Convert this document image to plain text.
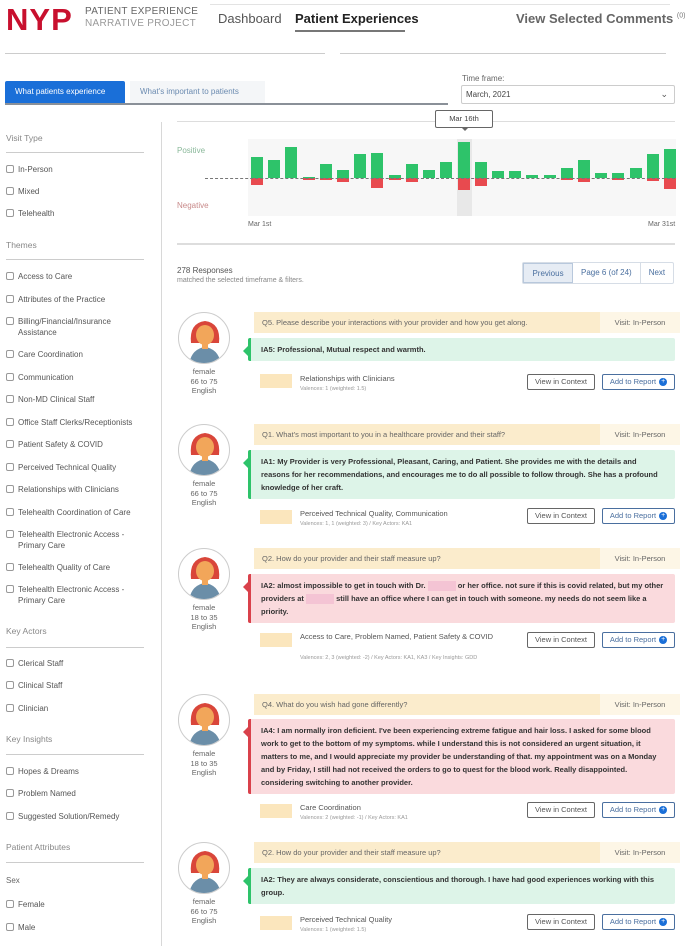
NYP PATIENT EXPERIENCE
NARRATIVE PROJECT Dashboard Patient Experiences	View Selected Comments $^{(0)}$
What patients experience	What's important to patients
Time frame:
March, 2021	⌄
Visit Type
In-Person
Mixed
Telehealth
Themes
Access to Care
Attributes of the Practice
Billing/Financial/Insurance Assistance
Care Coordination
Communication
Non-MD Clinical Staff
Office Staff Clerks/Receptionists
Patient Safety & COVID
Perceived Technical Quality
Relationships with Clinicians
Telehealth Coordination of Care
Telehealth Electronic Access - Primary Care
Telehealth Quality of Care
Telehealth Electronic Access - Primary Care
Key Actors
Clerical Staff
Clinical Staff
Clinician
Key Insights
Hopes & Dreams
Problem Named
Suggested Solution/Remedy
Patient Attributes
Sex
Female
Male
Positive
Negative
Mar 16th
Mar 1st	Mar 31st
278 Responses
matched the selected timeframe & filters.
Previous	Page 6 (of 24)	Next
female
66 to 75
English
Q5. Please describe your interactions with your provider and how you get along.	Visit: In-Person
IA5: Professional, Mutual respect and warmth.
Relationships with Clinicians
Valences: 1 (weighted: 1.5)
View in Context	Add to Report +
female
66 to 75
English
Q1. What's most important to you in a healthcare provider and their staff?	Visit: In-Person
IA1: My Provider is very Professional, Pleasant, Caring, and Patient. She provides me with the details and reasons for her recommendations, and encourages me to do all possible to follow through. She has a profound knowledge of her craft.
Perceived Technical Quality, Communication
Valences: 1, 1 (weighted: 3) / Key Actors: KA1
View in Context	Add to Report +
female
18 to 35
English
Q2. How do your provider and their staff measure up?	Visit: In-Person
IA2: almost impossible to get in touch with Dr.	or her office. not sure if this is covid related, but my other providers at	still have an office where I can get in touch with someone. my needs do not seem like a priority.
Access to Care, Problem Named, Patient Safety & COVID
Valences: 2, 3 (weighted: -2) / Key Actors: KA1, KA3 / Key Insights: GDD
View in Context	Add to Report +
female
18 to 35
English
Q4. What do you wish had gone differently?	Visit: In-Person
IA4: I am normally iron deficient. I've been experiencing extreme fatigue and hair loss. I asked for some blood work to get to the bottom of my symptoms. while I understand this is not considered an urgent situation, it matters to me, and I would appreciate my provider be understanding of that. my appointment was on a Monday and by Friday, I still had not received the orders to go to quest for the blood work. Really disappointed. considering switching to another provider.
Care Coordination
Valences: 2 (weighted: -1) / Key Actors: KA1
View in Context	Add to Report +
female
66 to 75
English
Q2. How do your provider and their staff measure up?	Visit: In-Person
IA2: They are always considerate, conscientious and thorough. I have had good experiences working with this group.
Perceived Technical Quality
Valences: 1 (weighted: 1.5)
View in Context	Add to Report +
